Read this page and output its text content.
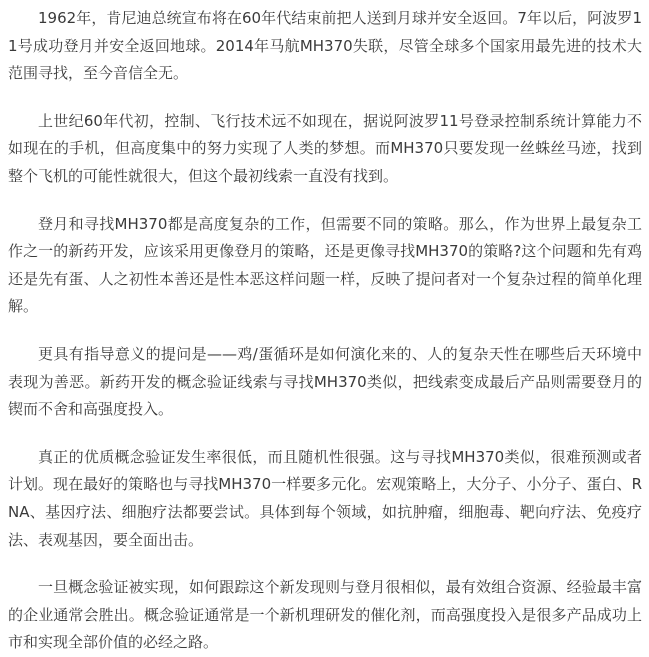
1962年，肯尼迪总统宣布将在60年代结束前把人送到月球并安全返回。7年以后，阿波罗11号成功登月并安全返回地球。2014年马航MH370失联，尽管全球多个国家用最先进的技术大范围寻找，至今音信全无。

上世纪60年代初，控制、飞行技术远不如现在，据说阿波罗11号登录控制系统计算能力不如现在的手机，但高度集中的努力实现了人类的梦想。而MH370只要发现一丝蛛丝马迹，找到整个飞机的可能性就很大，但这个最初线索一直没有找到。

登月和寻找MH370都是高度复杂的工作，但需要不同的策略。那么，作为世界上最复杂工作之一的新药开发，应该采用更像登月的策略，还是更像寻找MH370的策略?这个问题和先有鸡还是先有蛋、人之初性本善还是性本恶这样问题一样，反映了提问者对一个复杂过程的简单化理解。

更具有指导意义的提问是——鸡/蛋循环是如何演化来的、人的复杂天性在哪些后天环境中表现为善恶。新药开发的概念验证线索与寻找MH370类似，把线索变成最后产品则需要登月的锲而不舍和高强度投入。

真正的优质概念验证发生率很低，而且随机性很强。这与寻找MH370类似，很难预测或者计划。现在最好的策略也与寻找MH370一样要多元化。宏观策略上，大分子、小分子、蛋白、RNA、基因疗法、细胞疗法都要尝试。具体到每个领域，如抗肿瘤，细胞毒、靶向疗法、免疫疗法、表观基因，要全面出击。

一旦概念验证被实现，如何跟踪这个新发现则与登月很相似，最有效组合资源、经验最丰富的企业通常会胜出。概念验证通常是一个新机理研发的催化剂，而高强度投入是很多产品成功上市和实现全部价值的必经之路。
